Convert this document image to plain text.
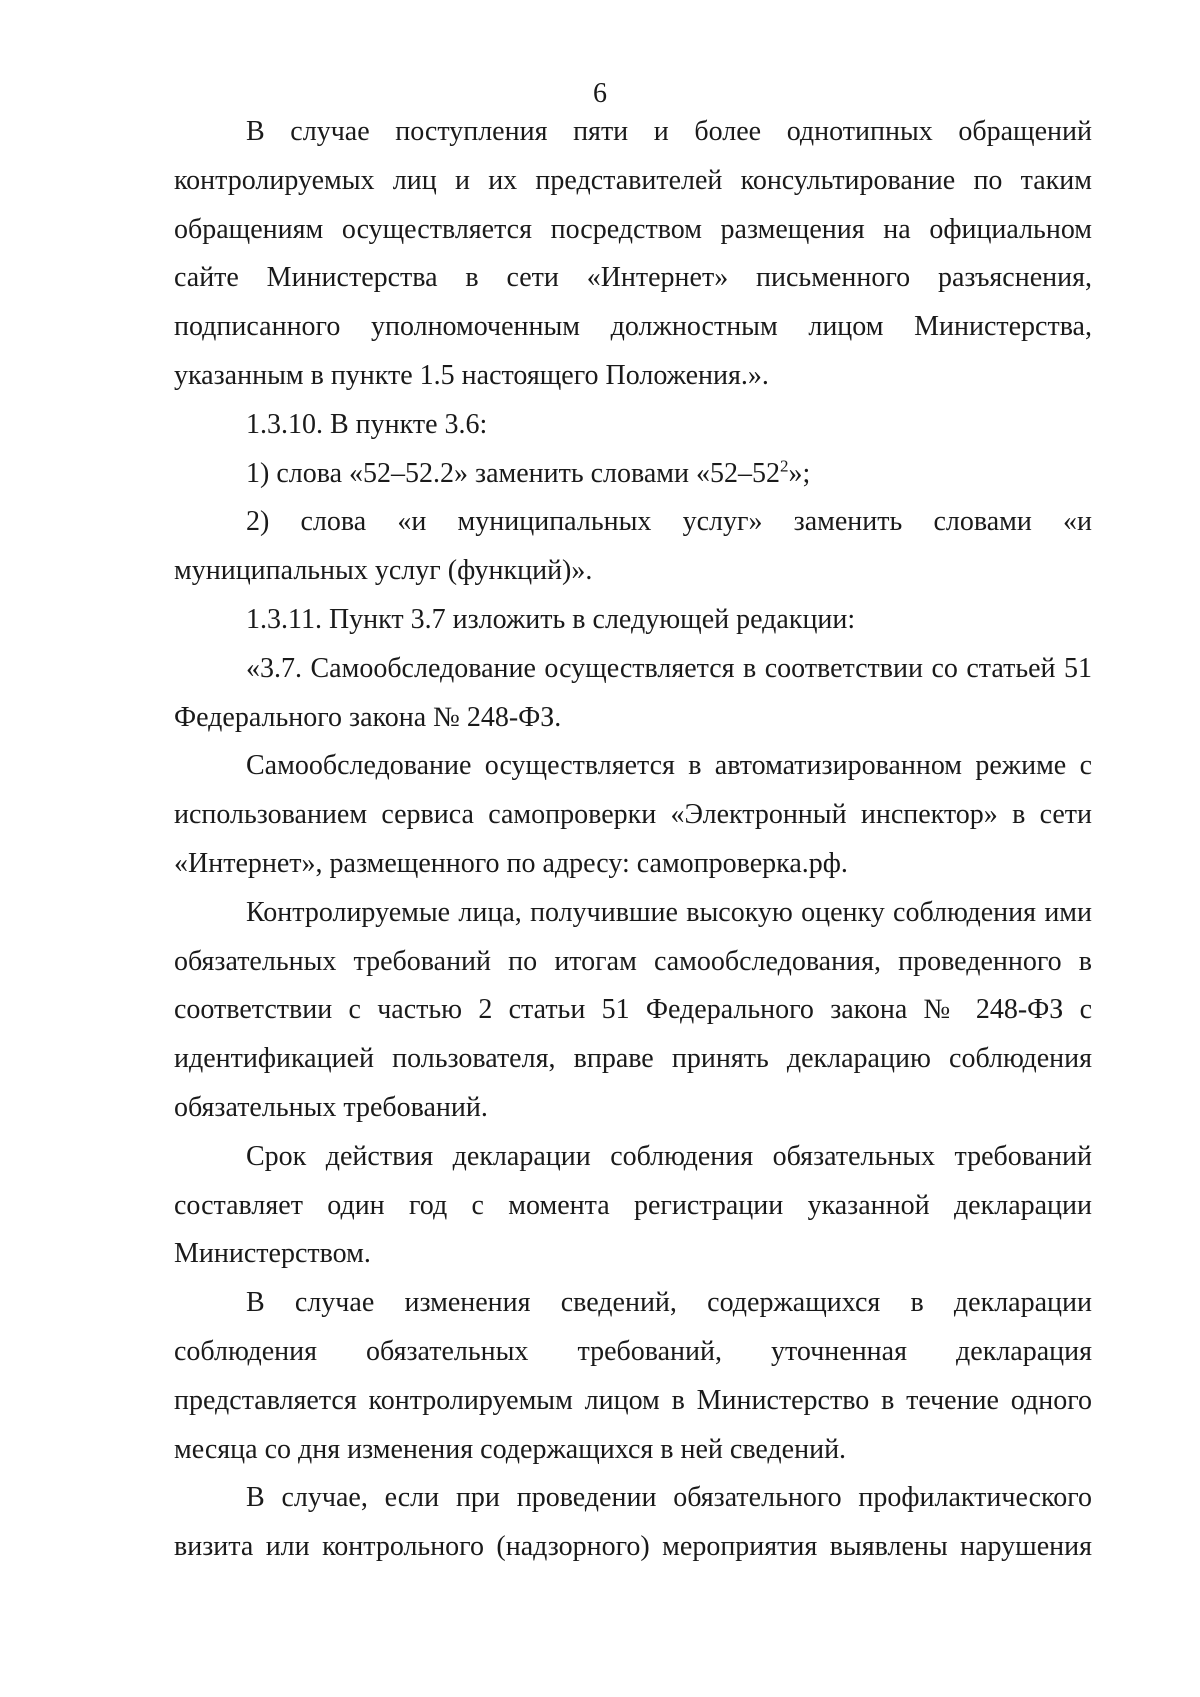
6

В случае поступления пяти и более однотипных обращений контролируемых лиц и их представителей консультирование по таким обращениям осуществляется посредством размещения на официальном сайте Министерства в сети «Интернет» письменного разъяснения, подписанного уполномоченным должностным лицом Министерства, указанным в пункте 1.5 настоящего Положения.».

1.3.10. В пункте 3.6:

1) слова «52–52.2» заменить словами «$52-52^2$»;

2) слова «и муниципальных услуг» заменить словами «и муниципальных услуг (функций)».

1.3.11. Пункт 3.7 изложить в следующей редакции:

«3.7. Самообследование осуществляется в соответствии со статьей 51 Федерального закона № 248-ФЗ.

Самообследование осуществляется в автоматизированном режиме с использованием сервиса самопроверки «Электронный инспектор» в сети «Интернет», размещенного по адресу: самопроверка.рф.

Контролируемые лица, получившие высокую оценку соблюдения ими обязательных требований по итогам самообследования, проведенного в соответствии с частью 2 статьи 51 Федерального закона № 248-ФЗ с идентификацией пользователя, вправе принять декларацию соблюдения обязательных требований.

Срок действия декларации соблюдения обязательных требований составляет один год с момента регистрации указанной декларации Министерством.

В случае изменения сведений, содержащихся в декларации соблюдения обязательных требований, уточненная декларация представляется контролируемым лицом в Министерство в течение одного месяца со дня изменения содержащихся в ней сведений.

В случае, если при проведении обязательного профилактического визита или контрольного (надзорного) мероприятия выявлены нарушения
